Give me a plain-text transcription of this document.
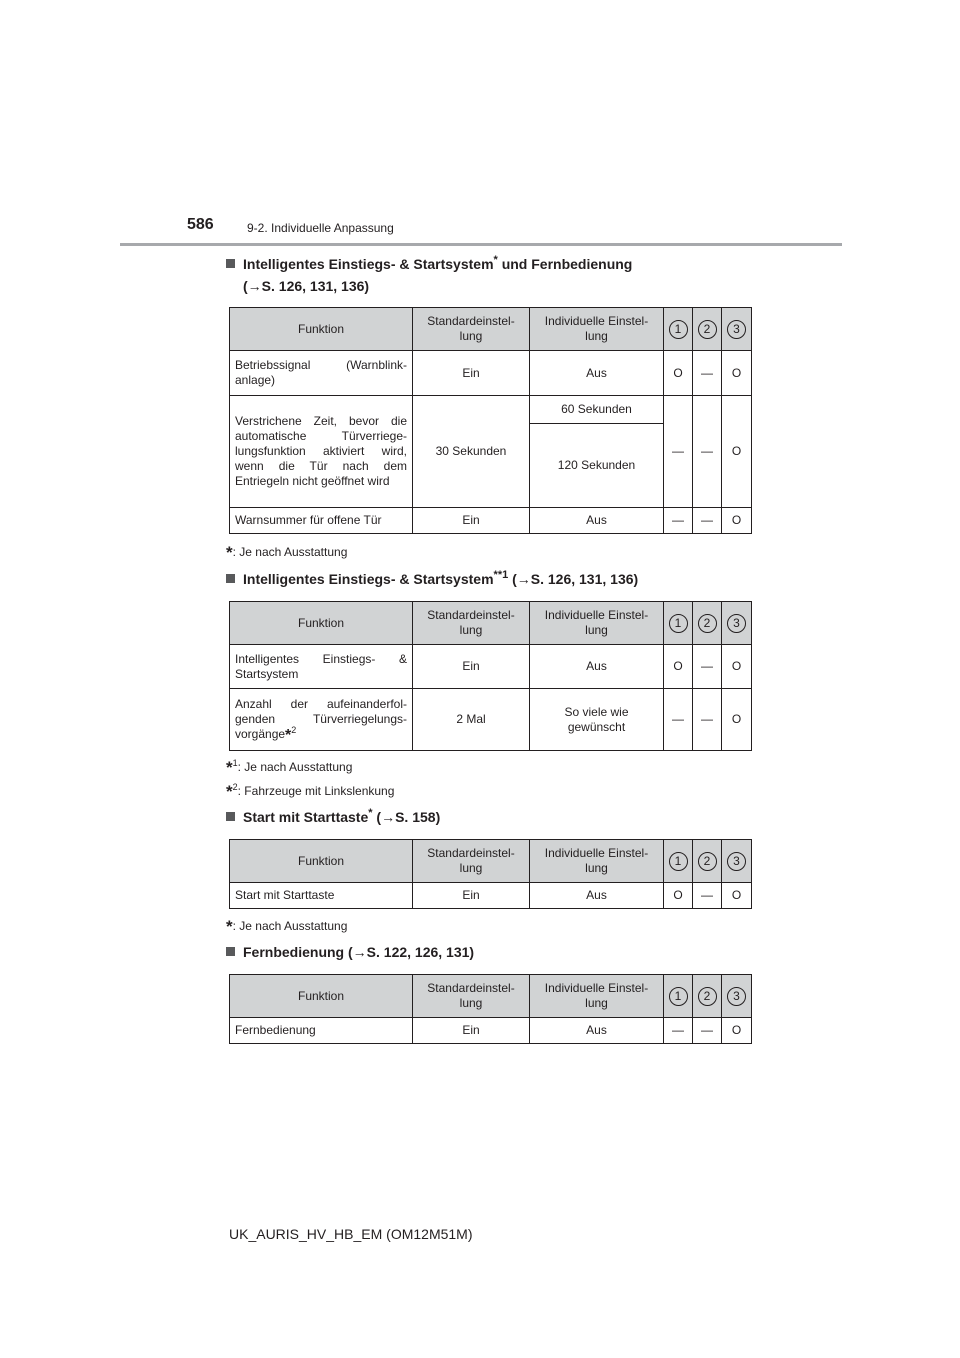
586	9-2. Individuelle Anpassung
Intelligentes Einstiegs- & Startsystem* und Fernbedienung
(→S. 126, 131, 136)
Funktion	Standardeinstel-lung	Individuelle Einstel-lung	1	2	3
Betriebssignal (Warnblink-anlage)	Ein	Aus	O	—	O
Verstrichene Zeit, bevor die automatische Türverriege-lungsfunktion aktiviert wird, wenn die Tür nach dem Entriegeln nicht geöffnet wird	30 Sekunden	60 Sekunden	—	—	O
		120 Sekunden			
Warnsummer für offene Tür	Ein	Aus	—	—	O
*: Je nach Ausstattung
Intelligentes Einstiegs- & Startsystem$^{**1}$ (→S. 126, 131, 136)
Funktion	Standardeinstel-lung	Individuelle Einstel-lung	1	2	3
Intelligentes Einstiegs- & Startsystem	Ein	Aus	O	—	O
Anzahl der aufeinanderfol-genden Türverriegelungs-vorgänge*$^2$	2 Mal	So viele wie gewünscht	—	—	O
*$^1$: Je nach Ausstattung
*$^2$: Fahrzeuge mit Linkslenkung
Start mit Starttaste* (→S. 158)
Funktion	Standardeinstel-lung	Individuelle Einstel-lung	1	2	3
Start mit Starttaste	Ein	Aus	O	—	O
*: Je nach Ausstattung
Fernbedienung (→S. 122, 126, 131)
Funktion	Standardeinstel-lung	Individuelle Einstel-lung	1	2	3
Fernbedienung	Ein	Aus	—	—	O
UK_AURIS_HV_HB_EM (OM12M51M)
